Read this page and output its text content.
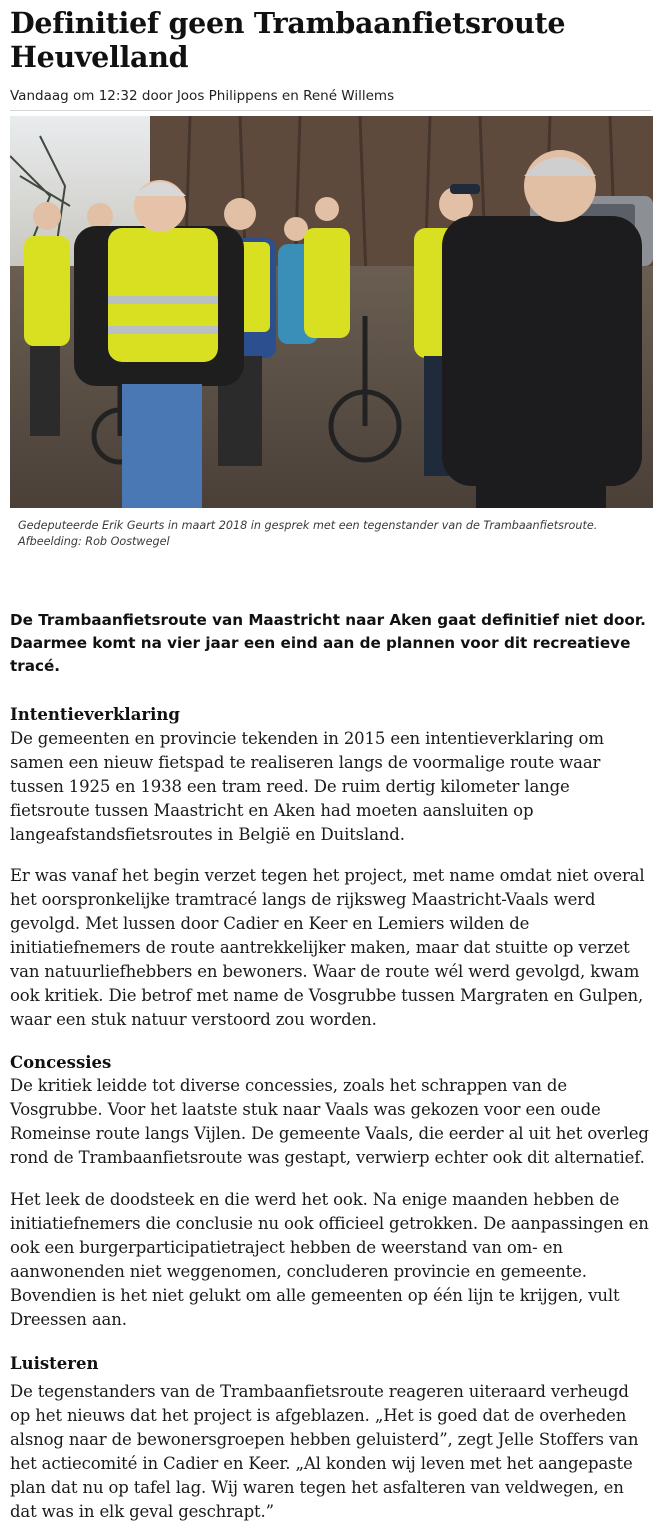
Definitief geen Trambaanfietsroute Heuvelland
Vandaag om 12:32 door Joos Philippens en René Willems
Gedeputeerde Erik Geurts in maart 2018 in gesprek met een tegenstander van de Trambaanfietsroute. Afbeelding: Rob Oostwegel

De Trambaanfietsroute van Maastricht naar Aken gaat definitief niet door. Daarmee komt na vier jaar een eind aan de plannen voor dit recreatieve tracé.

Intentieverklaring

De gemeenten en provincie tekenden in 2015 een intentieverklaring om samen een nieuw fietspad te realiseren langs de voormalige route waar tussen 1925 en 1938 een tram reed. De ruim dertig kilometer lange fietsroute tussen Maastricht en Aken had moeten aansluiten op langeafstandsfietsroutes in België en Duitsland.

Er was vanaf het begin verzet tegen het project, met name omdat niet overal het oorspronkelijke tramtracé langs de rijksweg Maastricht-Vaals werd gevolgd. Met lussen door Cadier en Keer en Lemiers wilden de initiatiefnemers de route aantrekkelijker maken, maar dat stuitte op verzet van natuurliefhebbers en bewoners. Waar de route wél werd gevolgd, kwam ook kritiek. Die betrof met name de Vosgrubbe tussen Margraten en Gulpen, waar een stuk natuur verstoord zou worden.

Concessies

De kritiek leidde tot diverse concessies, zoals het schrappen van de Vosgrubbe. Voor het laatste stuk naar Vaals was gekozen voor een oude Romeinse route langs Vijlen. De gemeente Vaals, die eerder al uit het overleg rond de Trambaanfietsroute was gestapt, verwierp echter ook dit alternatief.

Het leek de doodsteek en die werd het ook. Na enige maanden hebben de initiatiefnemers die conclusie nu ook officieel getrokken. De aanpassingen en ook een burgerparticipatietraject hebben de weerstand van om- en aanwonenden niet weggenomen, concluderen provincie en gemeente. Bovendien is het niet gelukt om alle gemeenten op één lijn te krijgen, vult Dreessen aan.

Luisteren

De tegenstanders van de Trambaanfietsroute reageren uiteraard verheugd op het nieuws dat het project is afgeblazen. „Het is goed dat de overheden alsnog naar de bewonersgroepen hebben geluisterd”, zegt Jelle Stoffers van het actiecomité in Cadier en Keer. „Al konden wij leven met het aangepaste plan dat nu op tafel lag. Wij waren tegen het asfalteren van veldwegen, en dat was in elk geval geschrapt.”
